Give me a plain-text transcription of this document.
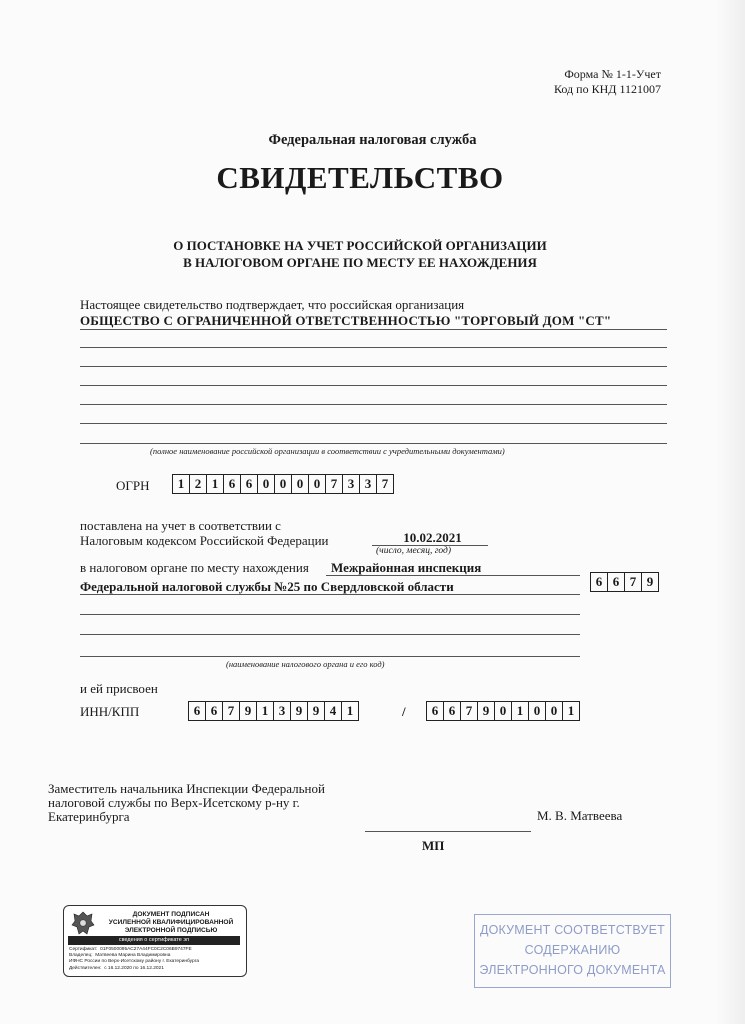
Форма № 1-1-Учет
Код по КНД 1121007
Федеральная налоговая служба
СВИДЕТЕЛЬСТВО
О ПОСТАНОВКЕ НА УЧЕТ РОССИЙСКОЙ ОРГАНИЗАЦИИ
В НАЛОГОВОМ ОРГАНЕ ПО МЕСТУ ЕЕ НАХОЖДЕНИЯ
Настоящее свидетельство подтверждает, что российская организация
ОБЩЕСТВО С ОГРАНИЧЕННОЙ ОТВЕТСТВЕННОСТЬЮ "ТОРГОВЫЙ ДОМ "СТ"
(полное наименование российской организации в соответствии с учредительными документами)
ОГРН	1 2 1 6 6 0 0 0 0 7 3 3 7
поставлена на учет в соответствии с
Налоговым кодексом Российской Федерации	10.02.2021
(число, месяц, год)
в налоговом органе по месту нахождения Межрайонная инспекция
Федеральной налоговой службы №25 по Свердловской области	6 6 7 9
(наименование налогового органа и его код)
и ей присвоен
ИНН/КПП	6 6 7 9 1 3 9 9 4 1	/	6 6 7 9 0 1 0 0 1
Заместитель начальника Инспекции Федеральной
налоговой службы по Верх-Исетскому р-ну г.
Екатеринбурга	М. В. Матвеева
МП
ДОКУМЕНТ ПОДПИСАН
УСИЛЕННОЙ КВАЛИФИЦИРОВАННОЙ
ЭЛЕКТРОННОЙ ПОДПИСЬЮ
сведения о сертификате эп
Сертификат: 01F0500095AC27A44FC0C2C06B9747FE
Владелец: Матвеева Марина Владимировна
ИФНС России по Верх-Исетскому району г. Екатеринбурга
Действителен: с 16.12.2020 по 16.12.2021
ДОКУМЕНТ СООТВЕТСТВУЕТ
СОДЕРЖАНИЮ
ЭЛЕКТРОННОГО ДОКУМЕНТА
